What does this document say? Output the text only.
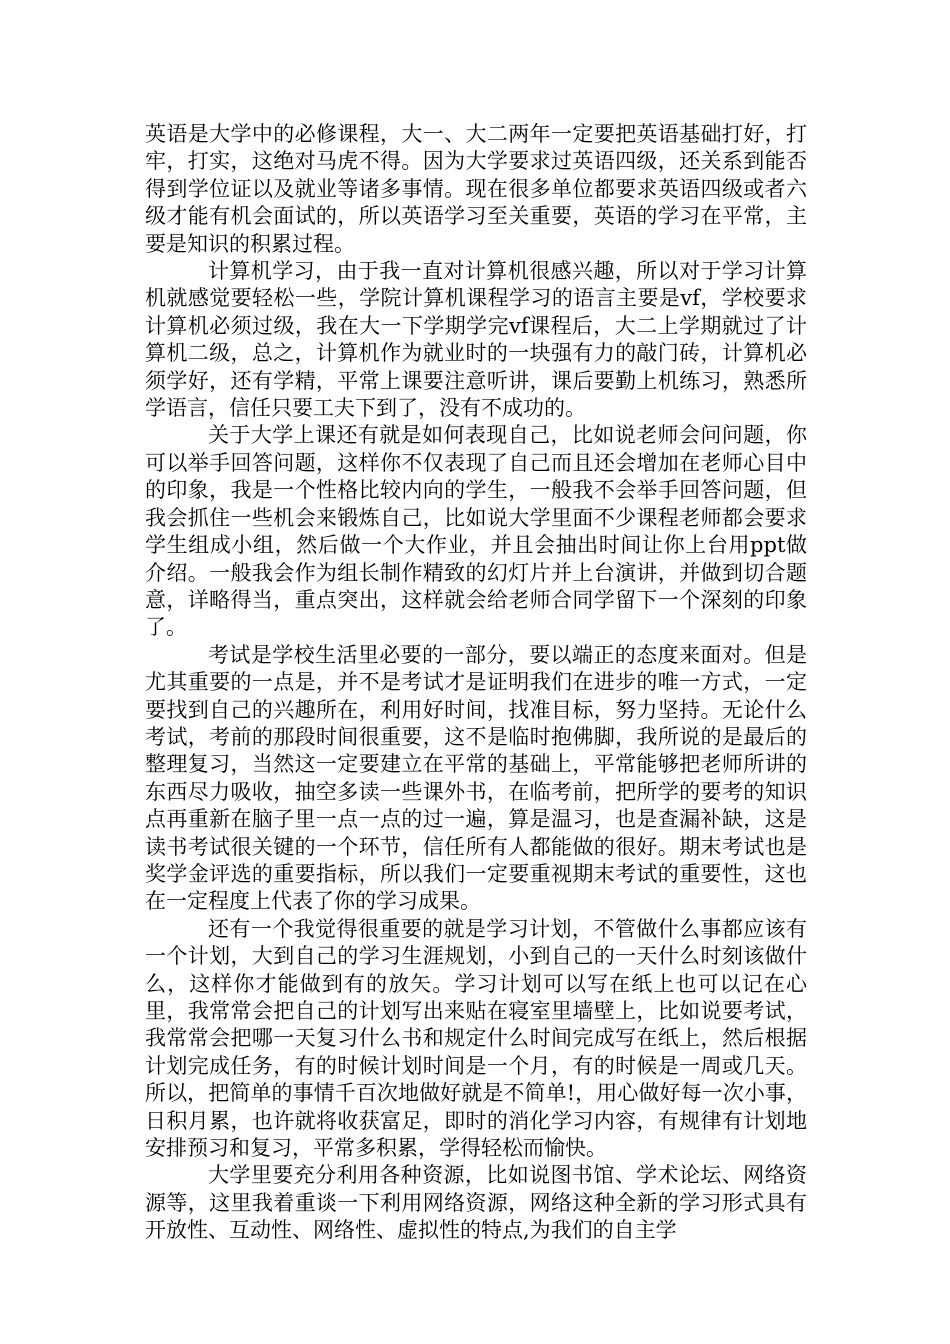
英语是大学中的必修课程，大一、大二两年一定要把英语基础打好，打牢，打实，这绝对马虎不得。因为大学要求过英语四级，还关系到能否得到学位证以及就业等诸多事情。现在很多单位都要求英语四级或者六级才能有机会面试的，所以英语学习至关重要，英语的学习在平常，主要是知识的积累过程。

计算机学习，由于我一直对计算机很感兴趣，所以对于学习计算机就感觉要轻松一些，学院计算机课程学习的语言主要是vf，学校要求计算机必须过级，我在大一下学期学完vf课程后，大二上学期就过了计算机二级，总之，计算机作为就业时的一块强有力的敲门砖，计算机必须学好，还有学精，平常上课要注意听讲，课后要勤上机练习，熟悉所学语言，信任只要工夫下到了，没有不成功的。

关于大学上课还有就是如何表现自己，比如说老师会问问题，你可以举手回答问题，这样你不仅表现了自己而且还会增加在老师心目中的印象，我是一个性格比较内向的学生，一般我不会举手回答问题，但我会抓住一些机会来锻炼自己，比如说大学里面不少课程老师都会要求学生组成小组，然后做一个大作业，并且会抽出时间让你上台用ppt做介绍。一般我会作为组长制作精致的幻灯片并上台演讲，并做到切合题意，详略得当，重点突出，这样就会给老师合同学留下一个深刻的印象了。

考试是学校生活里必要的一部分，要以端正的态度来面对。但是尤其重要的一点是，并不是考试才是证明我们在进步的唯一方式，一定要找到自己的兴趣所在，利用好时间，找准目标，努力坚持。无论什么考试，考前的那段时间很重要，这不是临时抱佛脚，我所说的是最后的整理复习，当然这一定要建立在平常的基础上，平常能够把老师所讲的东西尽力吸收，抽空多读一些课外书，在临考前，把所学的要考的知识点再重新在脑子里一点一点的过一遍，算是温习，也是查漏补缺，这是读书考试很关键的一个环节，信任所有人都能做的很好。期末考试也是奖学金评选的重要指标，所以我们一定要重视期末考试的重要性，这也在一定程度上代表了你的学习成果。

还有一个我觉得很重要的就是学习计划，不管做什么事都应该有一个计划，大到自己的学习生涯规划，小到自己的一天什么时刻该做什么，这样你才能做到有的放矢。学习计划可以写在纸上也可以记在心里，我常常会把自己的计划写出来贴在寝室里墙壁上，比如说要考试，我常常会把哪一天复习什么书和规定什么时间完成写在纸上，然后根据计划完成任务，有的时候计划时间是一个月，有的时候是一周或几天。所以，把简单的事情千百次地做好就是不简单!，用心做好每一次小事，日积月累，也许就将收获富足，即时的消化学习内容，有规律有计划地安排预习和复习，平常多积累，学得轻松而愉快。

大学里要充分利用各种资源，比如说图书馆、学术论坛、网络资源等，这里我着重谈一下利用网络资源，网络这种全新的学习形式具有开放性、互动性、网络性、虚拟性的特点,为我们的自主学
